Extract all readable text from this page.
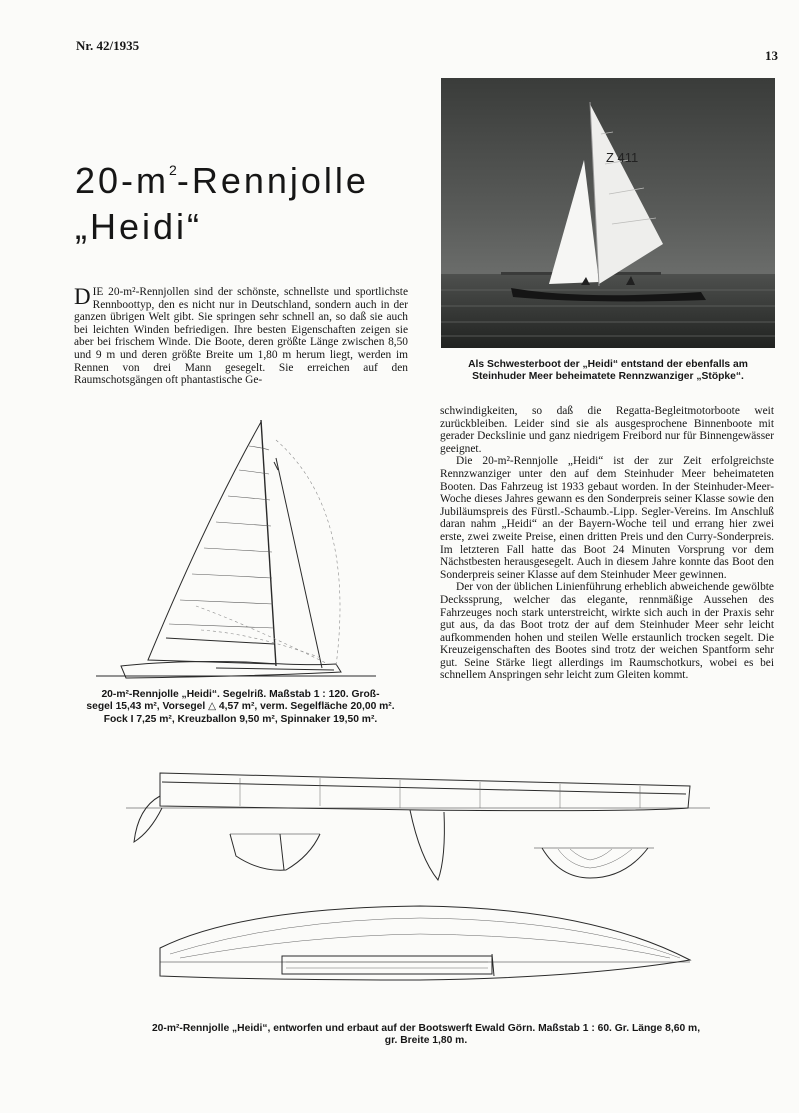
Nr. 42/1935
13
$20-m^2$-Rennjolle
„Heidi“

DIE 20-m²-Rennjollen sind der schönste, schnellste und sportlichste Rennboottyp, den es nicht nur in Deutschland, sondern auch in der ganzen übrigen Welt gibt. Sie springen sehr schnell an, so daß sie auch bei leichten Winden befriedigen. Ihre besten Eigenschaften zeigen sie aber bei frischem Winde. Die Boote, deren größte Länge zwischen 8,50 und 9 m und deren größte Breite um 1,80 m herum liegt, werden im Rennen von drei Mann gesegelt. Sie erreichen auf den Raumschotsgängen oft phantastische Ge-

Z 411
Als Schwesterboot der „Heidi“ entstand der ebenfalls am
Steinhuder Meer beheimatete Rennzwanziger „Stöpke“.

schwindigkeiten, so daß die Regatta-Begleitmotorboote weit zurückbleiben. Leider sind sie als ausgesprochene Binnenboote mit gerader Deckslinie und ganz niedrigem Freibord nur für Binnengewässer geeignet.

Die 20-m²-Rennjolle „Heidi“ ist der zur Zeit erfolgreichste Rennzwanziger unter den auf dem Steinhuder Meer beheimateten Booten. Das Fahrzeug ist 1933 gebaut worden. In der Steinhuder-Meer-Woche dieses Jahres gewann es den Sonderpreis seiner Klasse sowie den Jubiläumspreis des Fürstl.-Schaumb.-Lipp. Segler-Vereins. Im Anschluß daran nahm „Heidi“ an der Bayern-Woche teil und errang hier zwei erste, zwei zweite Preise, einen dritten Preis und den Curry-Sonderpreis. Im letzteren Fall hatte das Boot 24 Minuten Vorsprung vor dem Nächstbesten herausgesegelt. Auch in diesem Jahre konnte das Boot den Sonderpreis seiner Klasse auf dem Steinhuder Meer gewinnen.

Der von der üblichen Linienführung erheblich abweichende gewölbte Deckssprung, welcher das elegante, rennmäßige Aussehen des Fahrzeuges noch stark unterstreicht, wirkte sich auch in der Praxis sehr gut aus, da das Boot trotz der auf dem Steinhuder Meer sehr leicht aufkommenden hohen und steilen Welle erstaunlich trocken segelt. Die Kreuzeigenschaften des Bootes sind trotz der weichen Spantform sehr gut. Seine Stärke liegt allerdings im Raumschotkurs, wobei es bei schnellem Anspringen sehr leicht zum Gleiten kommt.

20-m²-Rennjolle „Heidi“. Segelriß. Maßstab 1 : 120. Groß-
segel 15,43 m², Vorsegel △ 4,57 m², verm. Segelfläche 20,00 m².
Fock I 7,25 m², Kreuzballon 9,50 m², Spinnaker 19,50 m².
20-m²-Rennjolle „Heidi“, entworfen und erbaut auf der Bootswerft Ewald Görn. Maßstab 1 : 60. Gr. Länge 8,60 m,
gr. Breite 1,80 m.
